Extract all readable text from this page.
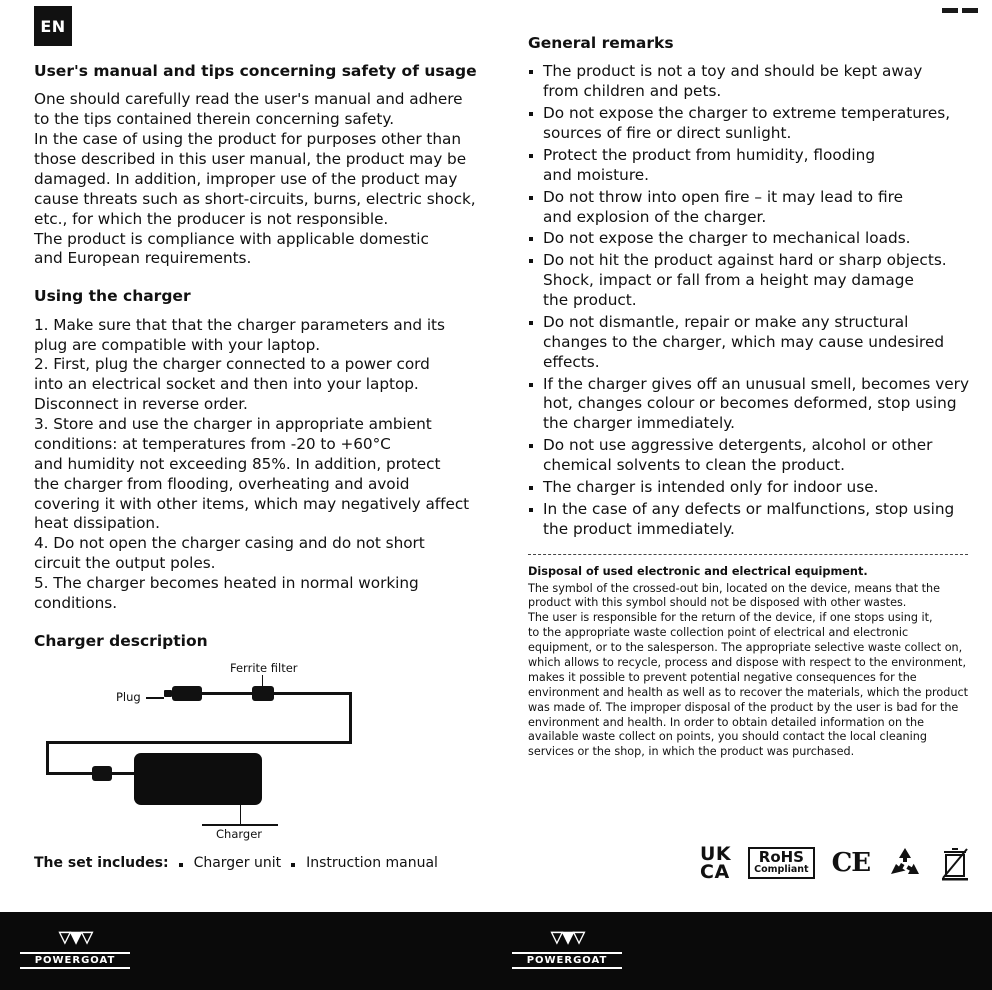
EN
User's manual and tips concerning safety of usage
One should carefully read the user's manual and adhere
to the tips contained therein concerning safety.
In the case of using the product for purposes other than
those described in this user manual, the product may be
damaged. In addition, improper use of the product may
cause threats such as short-circuits, burns, electric shock,
etc., for which the producer is not responsible.
The product is compliance with applicable domestic
and European requirements.
Using the charger
1. Make sure that that the charger parameters and its
plug are compatible with your laptop.
2. First, plug the charger connected to a power cord
into an electrical socket and then into your laptop.
Disconnect in reverse order.
3. Store and use the charger in appropriate ambient
conditions: at temperatures from -20 to +60°C
and humidity not exceeding 85%. In addition, protect
the charger from flooding, overheating and avoid
covering it with other items, which may negatively affect
heat dissipation.
4. Do not open the charger casing and do not short
circuit the output poles.
5. The charger becomes heated in normal working
conditions.
Charger description
Ferrite filter
Plug
Charger
The set includes: Charger unit Instruction manual
General remarks
The product is not a toy and should be kept away
from children and pets.
Do not expose the charger to extreme temperatures,
sources of fire or direct sunlight.
Protect the product from humidity, flooding
and moisture.
Do not throw into open fire – it may lead to fire
and explosion of the charger.
Do not expose the charger to mechanical loads.
Do not hit the product against hard or sharp objects.
Shock, impact or fall from a height may damage
the product.
Do not dismantle, repair or make any structural
changes to the charger, which may cause undesired
effects.
If the charger gives off an unusual smell, becomes very
hot, changes colour or becomes deformed, stop using
the charger immediately.
Do not use aggressive detergents, alcohol or other
chemical solvents to clean the product.
The charger is intended only for indoor use.
In the case of any defects or malfunctions, stop using
the product immediately.
Disposal of used electronic and electrical equipment.
The symbol of the crossed-out bin, located on the device, means that the
product with this symbol should not be disposed with other wastes.
The user is responsible for the return of the device, if one stops using it,
to the appropriate waste collection point of electrical and electronic
equipment, or to the salesperson. The appropriate selective waste collect on,
which allows to recycle, process and dispose with respect to the environment,
makes it possible to prevent potential negative consequences for the
environment and health as well as to recover the materials, which the product
was made of. The improper disposal of the product by the user is bad for the
environment and health. In order to obtain detailed information on the
available waste collect on points, you should contact the local cleaning
services or the shop, in which the product was purchased.
UK
CA
RoHS
Compliant CE
▿▾▿
POWERGOAT
▿▾▿
POWERGOAT
